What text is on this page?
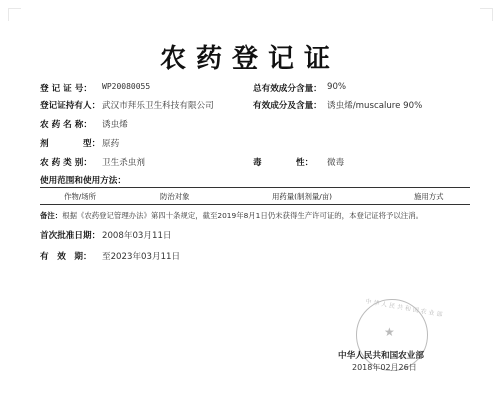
农药登记证
登 记 证 号： WP20080055	总有效成分含量： 90%
登记证持有人： 武汉市拜乐卫生科技有限公司	有效成分及含量： 诱虫烯/muscalure 90%
农 药 名 称： 诱虫烯
剂　　　　型： 原药
农 药 类 别： 卫生杀虫剂	毒　　　　性： 微毒
使用范围和使用方法：
作物/场所	防治对象	用药量(制剂量/亩)	施用方式
备注：根据《农药登记管理办法》第四十条规定，截至2019年8月1日仍未获得生产许可证的，本登记证将予以注消。
首次批准日期： 2008年03月11日
有　效　期： 至2023年03月11日
中华人民共和国农业部
★
中华人民共和国农业部
2018年02月26日
